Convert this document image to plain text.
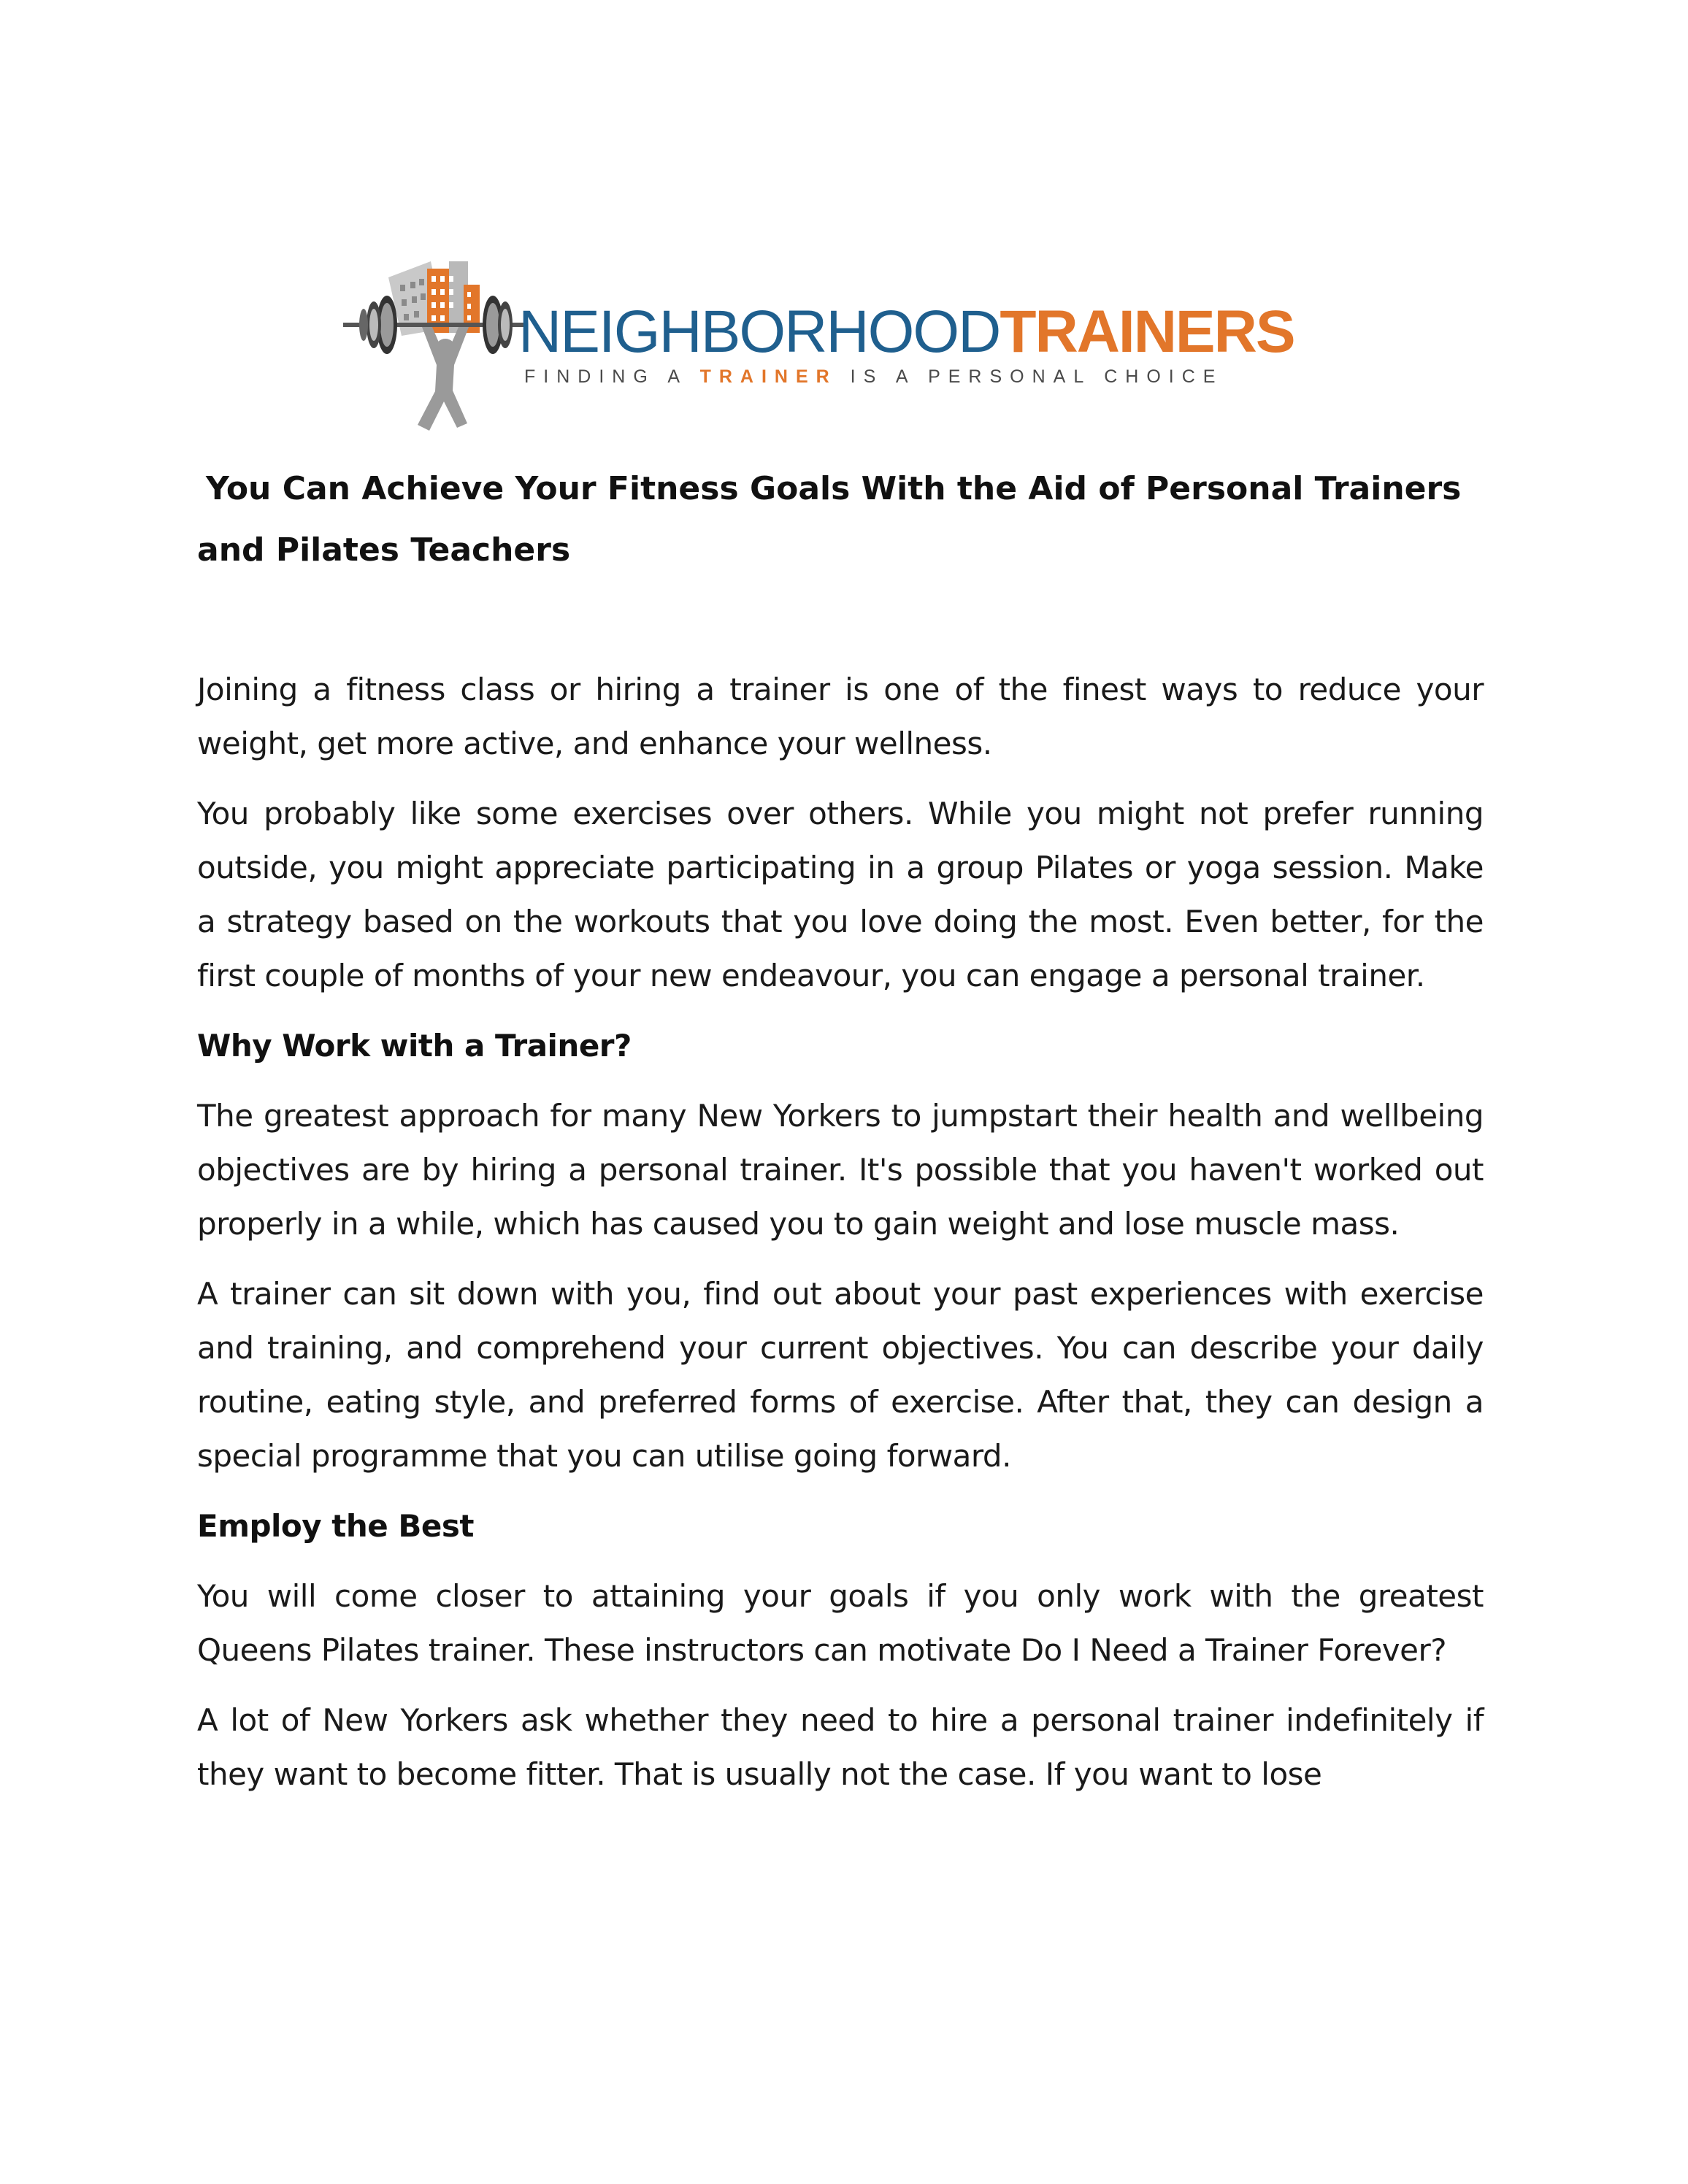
NEIGHBORHOODTRAINERS
FINDING A TRAINER IS A PERSONAL CHOICE
You Can Achieve Your Fitness Goals With the Aid of Personal Trainers

and Pilates Teachers

Joining a fitness class or hiring a trainer is one of the finest ways to reduce your weight, get more active, and enhance your wellness.

You probably like some exercises over others. While you might not prefer running outside, you might appreciate participating in a group Pilates or yoga session. Make a strategy based on the workouts that you love doing the most. Even better, for the first couple of months of your new endeavour, you can engage a personal trainer.

Why Work with a Trainer?

The greatest approach for many New Yorkers to jumpstart their health and wellbeing objectives are by hiring a personal trainer. It's possible that you haven't worked out properly in a while, which has caused you to gain weight and lose muscle mass.

A trainer can sit down with you, find out about your past experiences with exercise and training, and comprehend your current objectives. You can describe your daily routine, eating style, and preferred forms of exercise. After that, they can design a special programme that you can utilise going forward.

Employ the Best

You will come closer to attaining your goals if you only work with the greatest Queens Pilates trainer. These instructors can motivate Do I Need a Trainer Forever?

A lot of New Yorkers ask whether they need to hire a personal trainer indefinitely if they want to become fitter. That is usually not the case. If you want to lose
